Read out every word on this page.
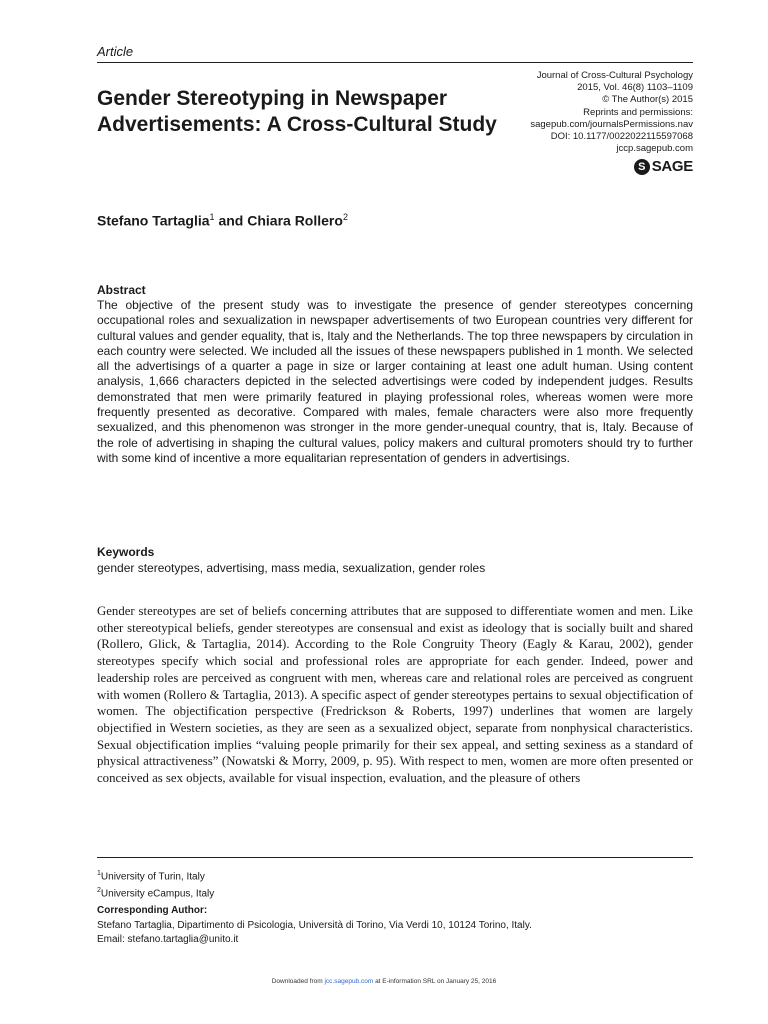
Article
Gender Stereotyping in Newspaper Advertisements: A Cross-Cultural Study
Journal of Cross-Cultural Psychology
2015, Vol. 46(8) 1103–1109
© The Author(s) 2015
Reprints and permissions:
sagepub.com/journalsPermissions.nav
DOI: 10.1177/0022022115597068
jccp.sagepub.com
S SAGE
Stefano Tartaglia$^1$ and Chiara Rollero$^2$
Abstract
The objective of the present study was to investigate the presence of gender stereotypes concerning occupational roles and sexualization in newspaper advertisements of two European countries very different for cultural values and gender equality, that is, Italy and the Netherlands. The top three newspapers by circulation in each country were selected. We included all the issues of these newspapers published in 1 month. We selected all the advertisings of a quarter a page in size or larger containing at least one adult human. Using content analysis, 1,666 characters depicted in the selected advertisings were coded by independent judges. Results demonstrated that men were primarily featured in playing professional roles, whereas women were more frequently presented as decorative. Compared with males, female characters were also more frequently sexualized, and this phenomenon was stronger in the more gender-unequal country, that is, Italy. Because of the role of advertising in shaping the cultural values, policy makers and cultural promoters should try to further with some kind of incentive a more equalitarian representation of genders in advertisings.
Keywords
gender stereotypes, advertising, mass media, sexualization, gender roles
Gender stereotypes are set of beliefs concerning attributes that are supposed to differentiate women and men. Like other stereotypical beliefs, gender stereotypes are consensual and exist as ideology that is socially built and shared (Rollero, Glick, & Tartaglia, 2014). According to the Role Congruity Theory (Eagly & Karau, 2002), gender stereotypes specify which social and professional roles are appropriate for each gender. Indeed, power and leadership roles are perceived as congruent with men, whereas care and relational roles are perceived as congruent with women (Rollero & Tartaglia, 2013). A specific aspect of gender stereotypes pertains to sexual objectification of women. The objectification perspective (Fredrickson & Roberts, 1997) underlines that women are largely objectified in Western societies, as they are seen as a sexualized object, separate from nonphysical characteristics. Sexual objectification implies “valuing people primarily for their sex appeal, and setting sexiness as a standard of physical attractiveness” (Nowatski & Morry, 2009, p. 95). With respect to men, women are more often presented or conceived as sex objects, available for visual inspection, evaluation, and the pleasure of others
$^1$University of Turin, Italy
$^2$University eCampus, Italy
Corresponding Author:
Stefano Tartaglia, Dipartimento di Psicologia, Università di Torino, Via Verdi 10, 10124 Torino, Italy.
Email: stefano.tartaglia@unito.it
Downloaded from jcc.sagepub.com at E-information SRL on January 25, 2016
